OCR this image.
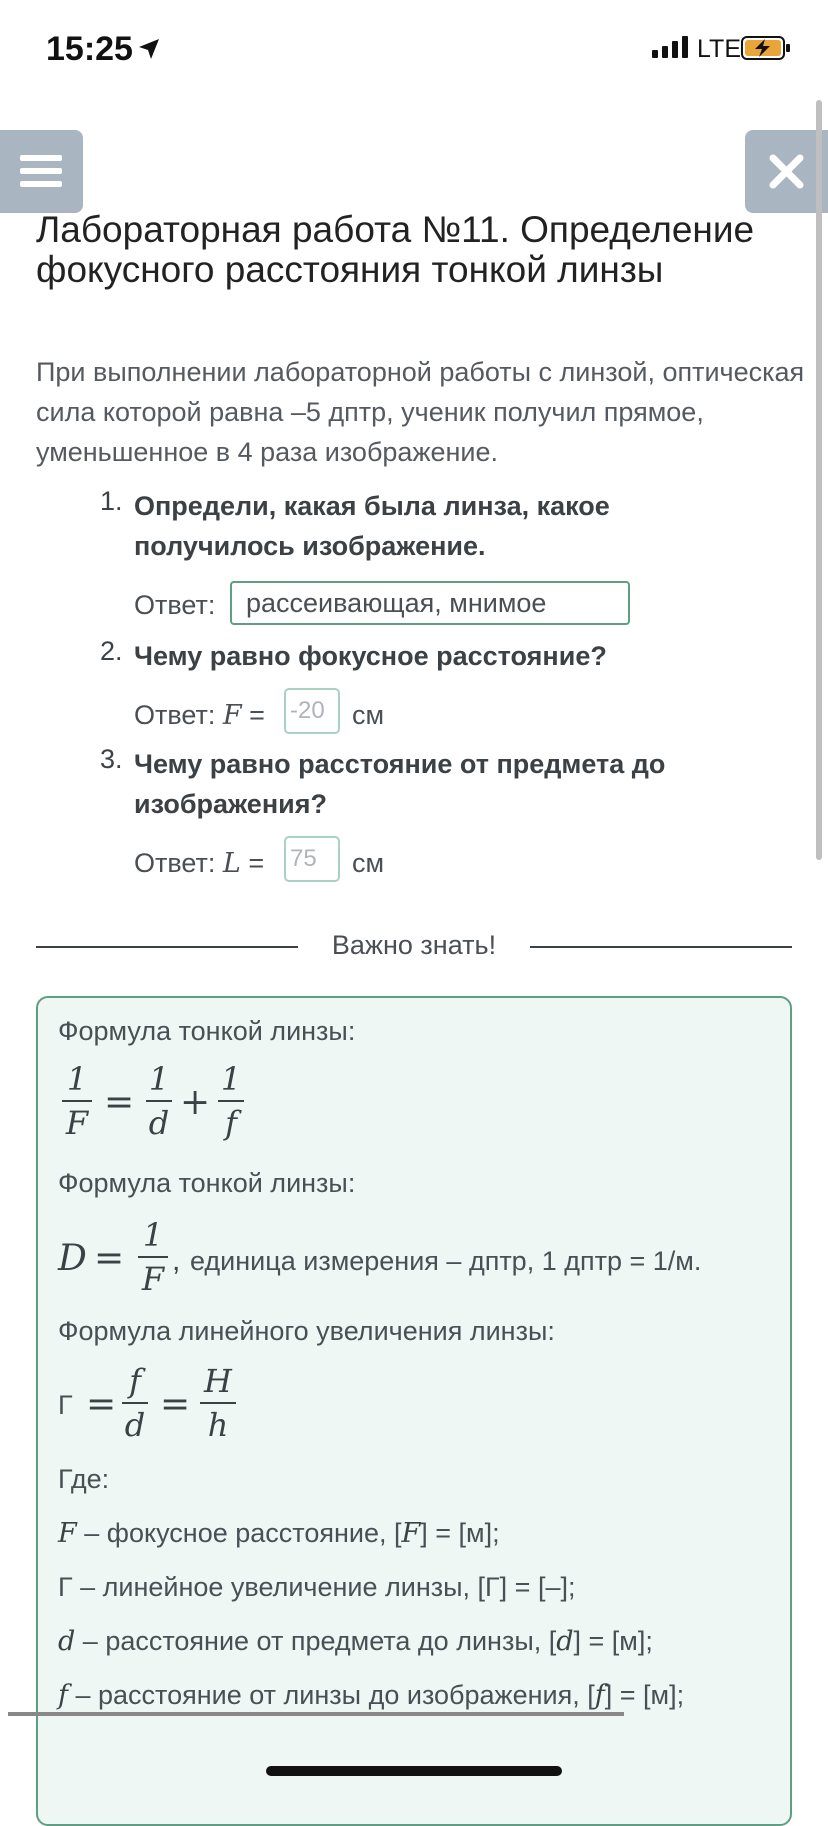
15:25	LTE
Лабораторная работа №11. Определение фокусного расстояния тонкой линзы
При выполнении лабораторной работы с линзой, оптическая сила которой равна –5 дптр, ученик получил прямое, уменьшенное в 4 раза изображение.
1. Определи, какая была линза, какое получилось изображение.
Ответ:	рассеивающая, мнимое
2. Чему равно фокусное расстояние?
Ответ: F = -20	см
3. Чему равно расстояние от предмета до изображения?
Ответ: L = 75	см
Важно знать!
Формула тонкой линзы:
1
F =
1
d +
1
f
Формула тонкой линзы:
D =
1
F , единица измерения – дптр, 1 дптр = 1/м.
Формула линейного увеличения линзы:
Г =
f
d =
H
h
Где:
F – фокусное расстояние, [F] = [м];
Г – линейное увеличение линзы, [Г] = [–];
d – расстояние от предмета до линзы, [d] = [м];
f – расстояние от линзы до изображения, [f] = [м];
